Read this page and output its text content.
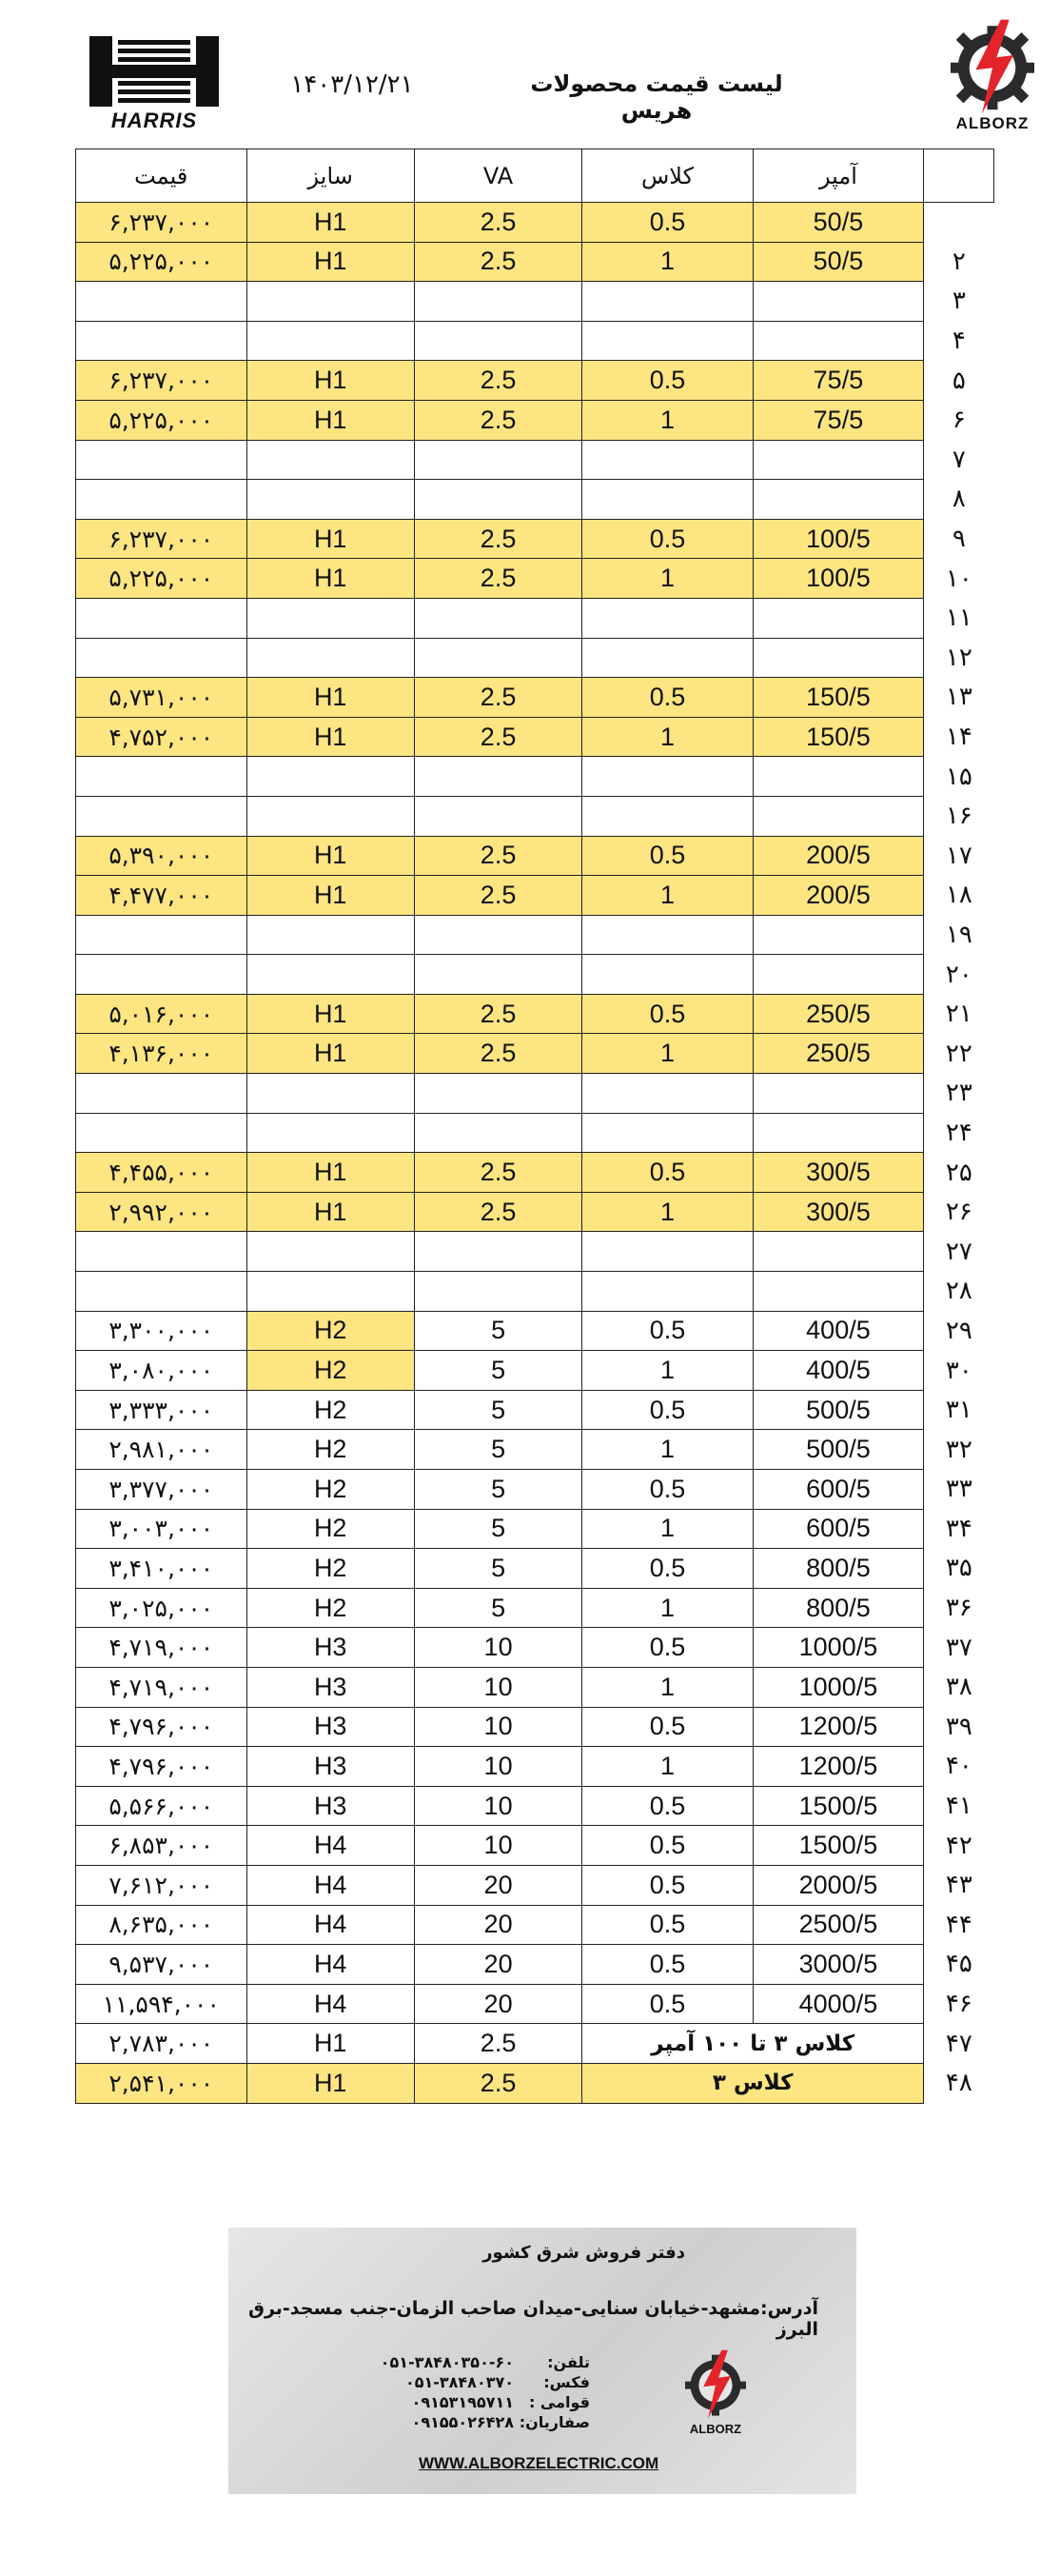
ALBORZ
HARRIS
لیست قیمت محصولات هریس
۱۴۰۳/۱۲/۲۱
	آمپر	کلاس	VA	سایز	قیمت
	50/5	0.5	2.5	H1	۶,۲۳۷,۰۰۰
۲	50/5	1	2.5	H1	۵,۲۲۵,۰۰۰
۳					
۴					
۵	75/5	0.5	2.5	H1	۶,۲۳۷,۰۰۰
۶	75/5	1	2.5	H1	۵,۲۲۵,۰۰۰
۷					
۸					
۹	100/5	0.5	2.5	H1	۶,۲۳۷,۰۰۰
۱۰	100/5	1	2.5	H1	۵,۲۲۵,۰۰۰
۱۱					
۱۲					
۱۳	150/5	0.5	2.5	H1	۵,۷۳۱,۰۰۰
۱۴	150/5	1	2.5	H1	۴,۷۵۲,۰۰۰
۱۵					
۱۶					
۱۷	200/5	0.5	2.5	H1	۵,۳۹۰,۰۰۰
۱۸	200/5	1	2.5	H1	۴,۴۷۷,۰۰۰
۱۹					
۲۰					
۲۱	250/5	0.5	2.5	H1	۵,۰۱۶,۰۰۰
۲۲	250/5	1	2.5	H1	۴,۱۳۶,۰۰۰
۲۳					
۲۴					
۲۵	300/5	0.5	2.5	H1	۴,۴۵۵,۰۰۰
۲۶	300/5	1	2.5	H1	۲,۹۹۲,۰۰۰
۲۷					
۲۸					
۲۹	400/5	0.5	5	H2	۳,۳۰۰,۰۰۰
۳۰	400/5	1	5	H2	۳,۰۸۰,۰۰۰
۳۱	500/5	0.5	5	H2	۳,۳۳۳,۰۰۰
۳۲	500/5	1	5	H2	۲,۹۸۱,۰۰۰
۳۳	600/5	0.5	5	H2	۳,۳۷۷,۰۰۰
۳۴	600/5	1	5	H2	۳,۰۰۳,۰۰۰
۳۵	800/5	0.5	5	H2	۳,۴۱۰,۰۰۰
۳۶	800/5	1	5	H2	۳,۰۲۵,۰۰۰
۳۷	1000/5	0.5	10	H3	۴,۷۱۹,۰۰۰
۳۸	1000/5	1	10	H3	۴,۷۱۹,۰۰۰
۳۹	1200/5	0.5	10	H3	۴,۷۹۶,۰۰۰
۴۰	1200/5	1	10	H3	۴,۷۹۶,۰۰۰
۴۱	1500/5	0.5	10	H3	۵,۵۶۶,۰۰۰
۴۲	1500/5	0.5	10	H4	۶,۸۵۳,۰۰۰
۴۳	2000/5	0.5	20	H4	۷,۶۱۲,۰۰۰
۴۴	2500/5	0.5	20	H4	۸,۶۳۵,۰۰۰
۴۵	3000/5	0.5	20	H4	۹,۵۳۷,۰۰۰
۴۶	4000/5	0.5	20	H4	۱۱,۵۹۴,۰۰۰
۴۷	کلاس ۳ تا ۱۰۰ آمپر		2.5	H1	۲,۷۸۳,۰۰۰
۴۸	کلاس ۳		2.5	H1	۲,۵۴۱,۰۰۰
دفتر فروش شرق کشور
آدرس:مشهد-خیابان سنایی-میدان صاحب الزمان-جنب مسجد-برق البرز
تلفن:
۰۵۱-۳۸۴۸۰۳۵۰-۶۰
فکس:
۰۵۱-۳۸۴۸۰۳۷۰
قوامی :
۰۹۱۵۳۱۹۵۷۱۱
صفاریان:
۰۹۱۵۵۰۲۶۴۲۸	ALBORZ
WWW.ALBORZELECTRIC.COM
